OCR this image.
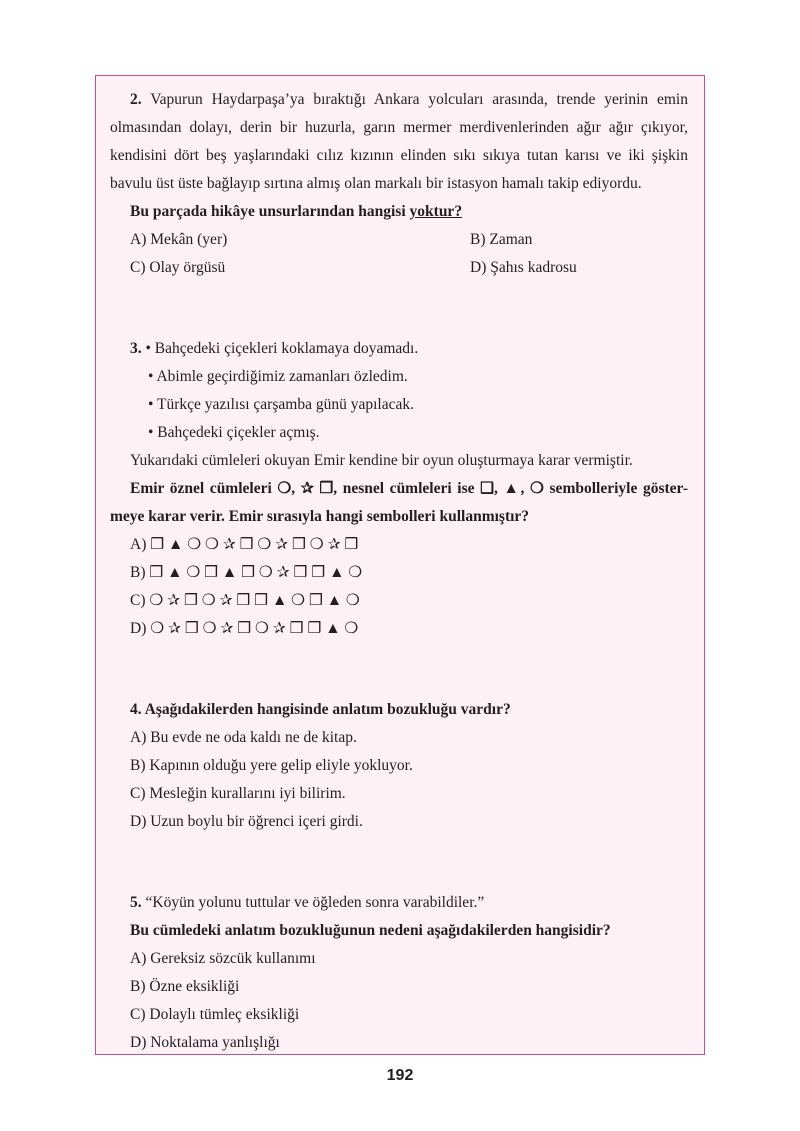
2. Vapurun Haydarpaşa’ya bıraktığı Ankara yolcuları arasında, trende yerinin emin
olmasından dolayı, derin bir huzurla, garın mermer merdivenlerinden ağır ağır çıkıyor,
kendisini dört beş yaşlarındaki cılız kızının elinden sıkı sıkıya tutan karısı ve iki şişkin
bavulu üst üste bağlayıp sırtına almış olan markalı bir istasyon hamalı takip ediyordu.
Bu parçada hikâye unsurlarından hangisi yoktur?
A) Mekân (yer)	B) Zaman
C) Olay örgüsü	D) Şahıs kadrosu
3. • Bahçedeki çiçekleri koklamaya doyamadı.
• Abimle geçirdiğimiz zamanları özledim.
• Türkçe yazılısı çarşamba günü yapılacak.
• Bahçedeki çiçekler açmış.
Yukarıdaki cümleleri okuyan Emir kendine bir oyun oluşturmaya karar vermiştir.
Emir öznel cümleleri ❍, ✰ ❒, nesnel cümleleri ise ❑, ▲, ❍ sembolleriyle göster-
meye karar verir. Emir sırasıyla hangi sembolleri kullanmıştır?
A) ❒ ▲ ❍ ❍ ✰ ❒ ❍ ✰ ❒ ❍ ✰ ❒
B) ❒ ▲ ❍ ❒ ▲ ❒ ❍ ✰ ❒ ❒ ▲ ❍
C) ❍ ✰ ❒ ❍ ✰ ❒ ❒ ▲ ❍ ❒ ▲ ❍
D) ❍ ✰ ❒ ❍ ✰ ❒ ❍ ✰ ❒ ❒ ▲ ❍
4. Aşağıdakilerden hangisinde anlatım bozukluğu vardır?
A) Bu evde ne oda kaldı ne de kitap.
B) Kapının olduğu yere gelip eliyle yokluyor.
C) Mesleğin kurallarını iyi bilirim.
D) Uzun boylu bir öğrenci içeri girdi.
5. “Köyün yolunu tuttular ve öğleden sonra varabildiler.”
Bu cümledeki anlatım bozukluğunun nedeni aşağıdakilerden hangisidir?
A) Gereksiz sözcük kullanımı
B) Özne eksikliği
C) Dolaylı tümleç eksikliği
D) Noktalama yanlışlığı
192
